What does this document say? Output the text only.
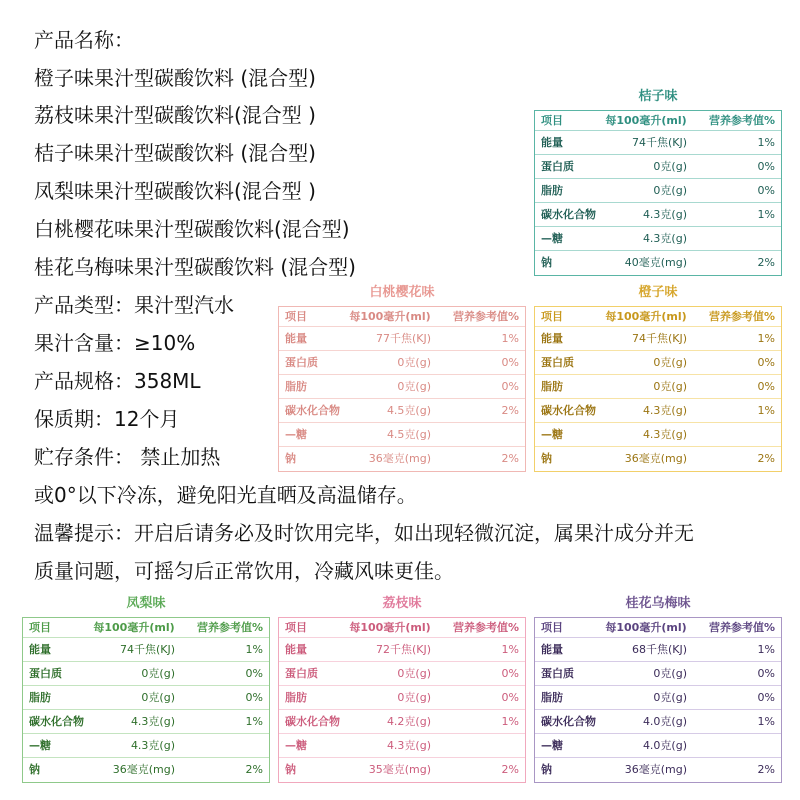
产品名称：
橙子味果汁型碳酸饮料 (混合型)
荔枝味果汁型碳酸饮料(混合型 )
桔子味果汁型碳酸饮料 (混合型)
凤梨味果汁型碳酸饮料(混合型 )
白桃樱花味果汁型碳酸饮料(混合型)
桂花乌梅味果汁型碳酸饮料 (混合型)
产品类型：果汁型汽水
果汁含量：≥10%
产品规格：358ML
保质期：12个月
贮存条件： 禁止加热
或0°以下冷冻，避免阳光直晒及高温储存。
温馨提示：开启后请务必及时饮用完毕，如出现轻微沉淀，属果汁成分并无
质量问题，可摇匀后正常饮用，冷藏风味更佳。
桔子味
项目	每100毫升(ml)	营养参考值%
能量	74千焦(KJ)	1%
蛋白质	0克(g)	0%
脂肪	0克(g)	0%
碳水化合物	4.3克(g)	1%
—糖	4.3克(g)
钠	40毫克(mg)	2%
白桃樱花味
项目	每100毫升(ml)	营养参考值%
能量	77千焦(KJ)	1%
蛋白质	0克(g)	0%
脂肪	0克(g)	0%
碳水化合物	4.5克(g)	2%
—糖	4.5克(g)
钠	36毫克(mg)	2%
橙子味
项目	每100毫升(ml)	营养参考值%
能量	74千焦(KJ)	1%
蛋白质	0克(g)	0%
脂肪	0克(g)	0%
碳水化合物	4.3克(g)	1%
—糖	4.3克(g)
钠	36毫克(mg)	2%
凤梨味
项目	每100毫升(ml)	营养参考值%
能量	74千焦(KJ)	1%
蛋白质	0克(g)	0%
脂肪	0克(g)	0%
碳水化合物	4.3克(g)	1%
—糖	4.3克(g)
钠	36毫克(mg)	2%
荔枝味
项目	每100毫升(ml)	营养参考值%
能量	72千焦(KJ)	1%
蛋白质	0克(g)	0%
脂肪	0克(g)	0%
碳水化合物	4.2克(g)	1%
—糖	4.3克(g)
钠	35毫克(mg)	2%
桂花乌梅味
项目	每100毫升(ml)	营养参考值%
能量	68千焦(KJ)	1%
蛋白质	0克(g)	0%
脂肪	0克(g)	0%
碳水化合物	4.0克(g)	1%
—糖	4.0克(g)
钠	36毫克(mg)	2%
